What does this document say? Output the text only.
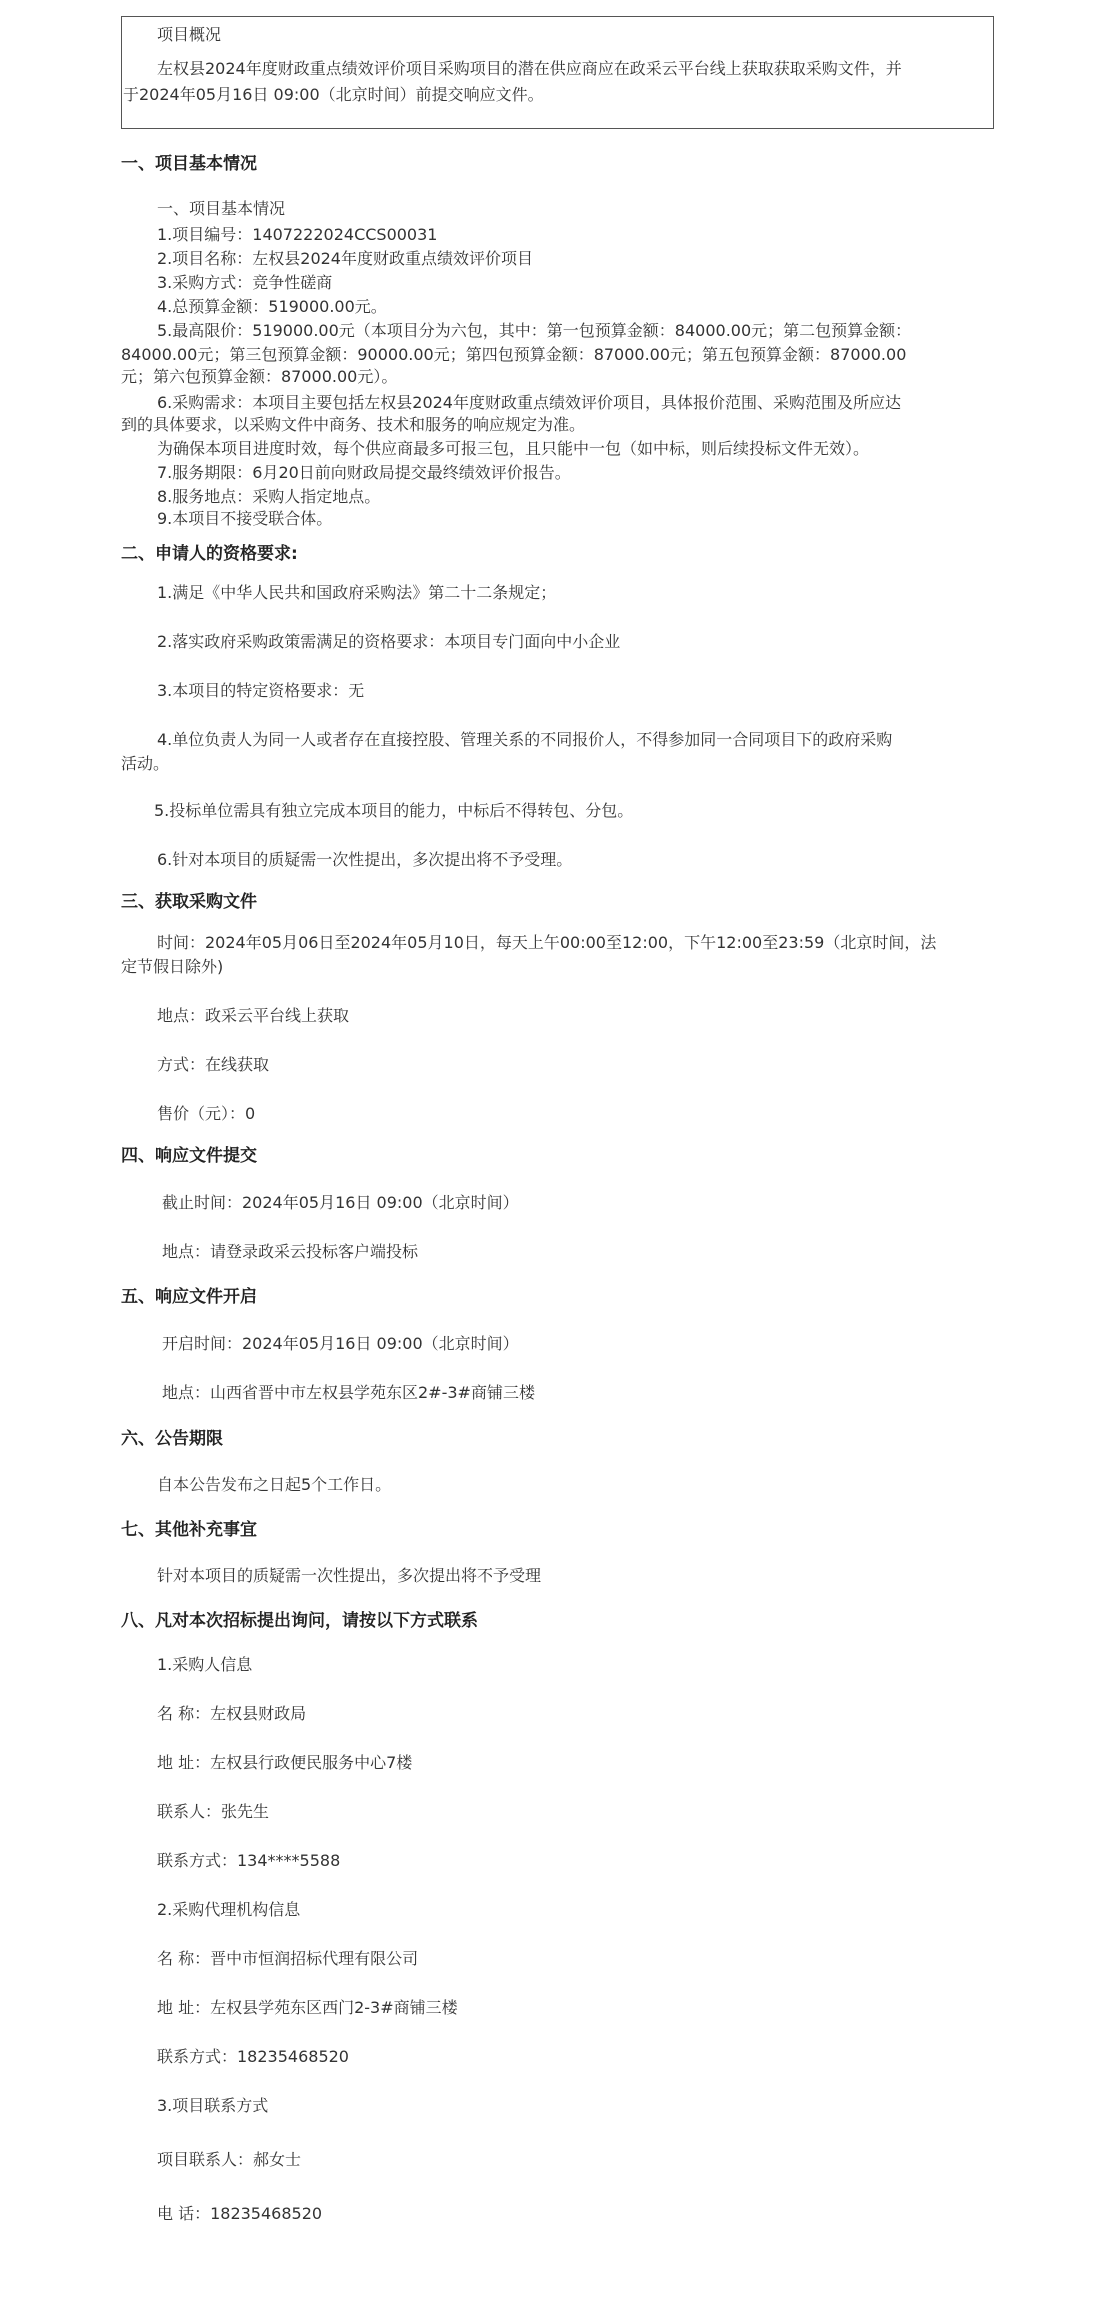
项目概况
左权县2024年度财政重点绩效评价项目采购项目的潜在供应商应在政采云平台线上获取获取采购文件，并
于2024年05月16日 09:00（北京时间）前提交响应文件。
一、项目基本情况
一、项目基本情况
1.项目编号：1407222024CCS00031
2.项目名称：左权县2024年度财政重点绩效评价项目
3.采购方式：竞争性磋商
4.总预算金额：519000.00元。
5.最高限价：519000.00元（本项目分为六包，其中：第一包预算金额：84000.00元；第二包预算金额：
84000.00元；第三包预算金额：90000.00元；第四包预算金额：87000.00元；第五包预算金额：87000.00
元；第六包预算金额：87000.00元）。
6.采购需求：本项目主要包括左权县2024年度财政重点绩效评价项目，具体报价范围、采购范围及所应达
到的具体要求，以采购文件中商务、技术和服务的响应规定为准。
为确保本项目进度时效，每个供应商最多可报三包，且只能中一包（如中标，则后续投标文件无效）。
7.服务期限：6月20日前向财政局提交最终绩效评价报告。
8.服务地点：采购人指定地点。
9.本项目不接受联合体。
二、申请人的资格要求:
1.满足《中华人民共和国政府采购法》第二十二条规定；
2.落实政府采购政策需满足的资格要求：本项目专门面向中小企业
3.本项目的特定资格要求：无
4.单位负责人为同一人或者存在直接控股、管理关系的不同报价人，不得参加同一合同项目下的政府采购
活动。
5.投标单位需具有独立完成本项目的能力，中标后不得转包、分包。
6.针对本项目的质疑需一次性提出，多次提出将不予受理。
三、获取采购文件
时间：2024年05月06日至2024年05月10日，每天上午00:00至12:00，下午12:00至23:59（北京时间，法
定节假日除外)
地点：政采云平台线上获取
方式：在线获取
售价（元）：0
四、响应文件提交
截止时间：2024年05月16日 09:00（北京时间）
地点：请登录政采云投标客户端投标
五、响应文件开启
开启时间：2024年05月16日 09:00（北京时间）
地点：山西省晋中市左权县学苑东区2#-3#商铺三楼
六、公告期限
自本公告发布之日起5个工作日。
七、其他补充事宜
针对本项目的质疑需一次性提出，多次提出将不予受理
八、凡对本次招标提出询问，请按以下方式联系
1.采购人信息
名 称：左权县财政局
地 址：左权县行政便民服务中心7楼
联系人：张先生
联系方式：134****5588
2.采购代理机构信息
名 称：晋中市恒润招标代理有限公司
地 址：左权县学苑东区西门2-3#商铺三楼
联系方式：18235468520
3.项目联系方式
项目联系人：郝女士
电 话：18235468520
